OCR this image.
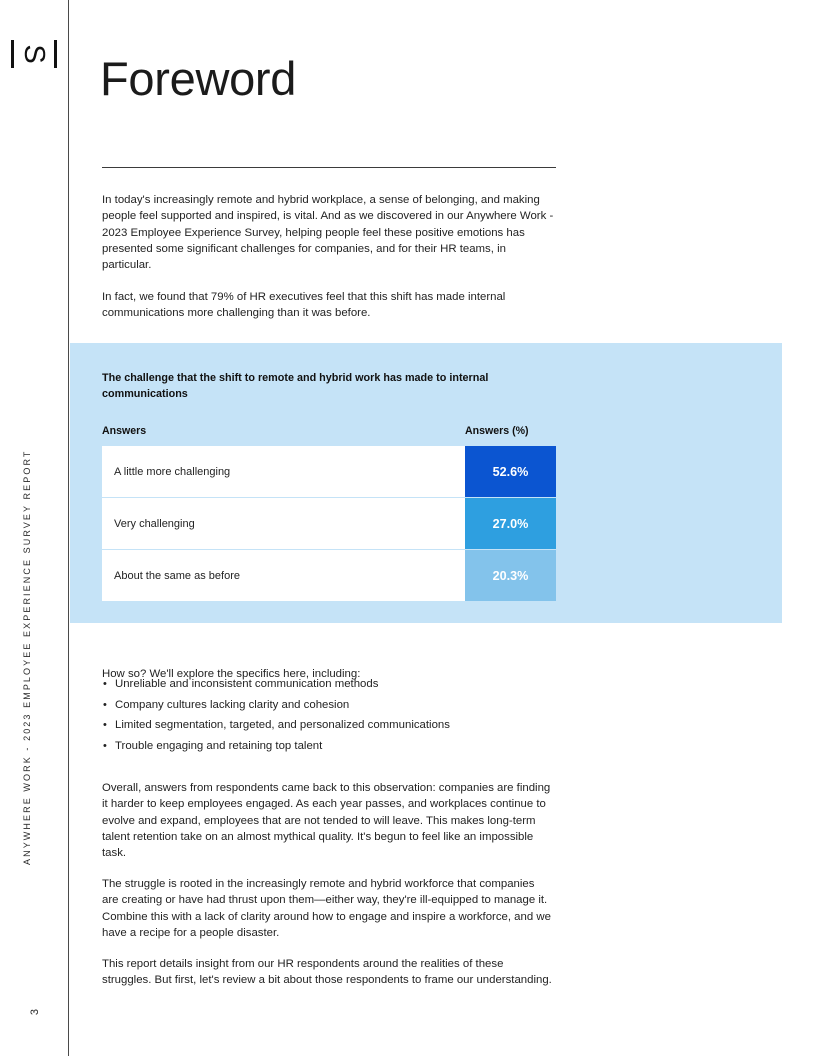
S
ANYWHERE WORK - 2023 EMPLOYEE EXPERIENCE SURVEY REPORT
3
Foreword

In today's increasingly remote and hybrid workplace, a sense of belonging, and making people feel supported and inspired, is vital. And as we discovered in our Anywhere Work - 2023 Employee Experience Survey, helping people feel these positive emotions has presented some significant challenges for companies, and for their HR teams, in particular.

In fact, we found that 79% of HR executives feel that this shift has made internal communications more challenging than it was before.

The challenge that the shift to remote and hybrid work has made to internal communications
Answers	Answers (%)
A little more challenging	52.6%
Very challenging	27.0%
About the same as before	20.3%

How so? We'll explore the specifics here, including:

• Unreliable and inconsistent communication methods
• Company cultures lacking clarity and cohesion
• Limited segmentation, targeted, and personalized communications
• Trouble engaging and retaining top talent

Overall, answers from respondents came back to this observation: companies are finding it harder to keep employees engaged. As each year passes, and workplaces continue to evolve and expand, employees that are not tended to will leave. This makes long-term talent retention take on an almost mythical quality. It's begun to feel like an impossible task.

The struggle is rooted in the increasingly remote and hybrid workforce that companies are creating or have had thrust upon them—either way, they're ill-equipped to manage it. Combine this with a lack of clarity around how to engage and inspire a workforce, and we have a recipe for a people disaster.

This report details insight from our HR respondents around the realities of these struggles. But first, let's review a bit about those respondents to frame our understanding.
